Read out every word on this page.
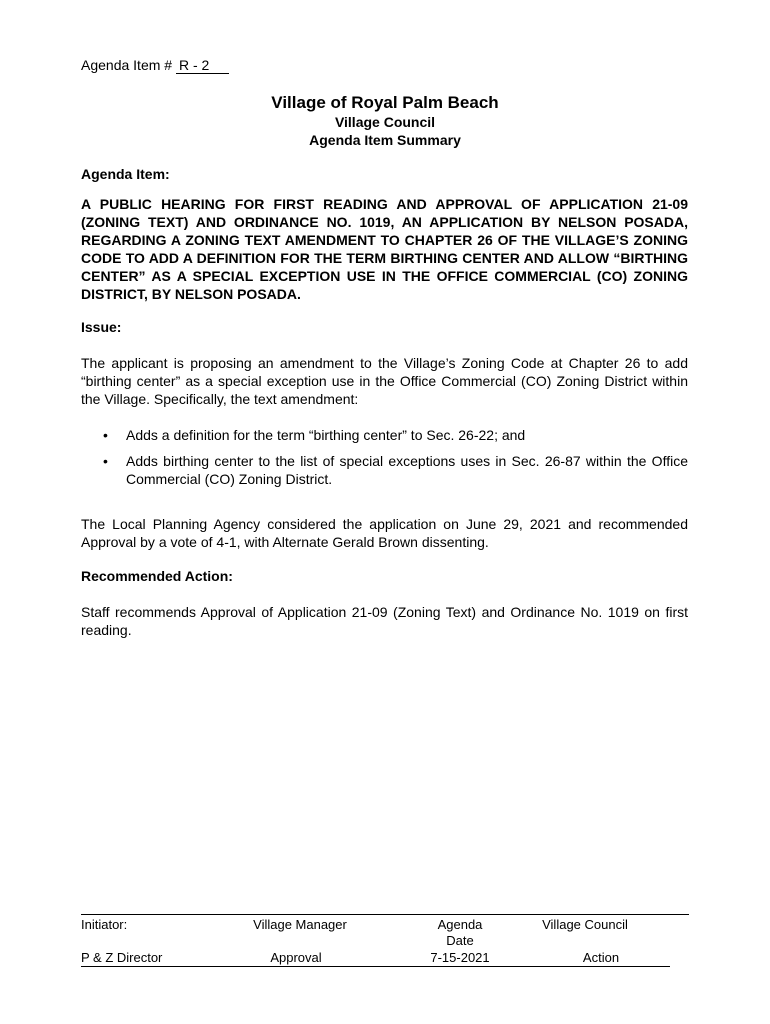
Agenda Item # R - 2
Village of Royal Palm Beach
Village Council
Agenda Item Summary
Agenda Item:
A PUBLIC HEARING FOR FIRST READING AND APPROVAL OF APPLICATION 21-09 (ZONING TEXT) AND ORDINANCE NO. 1019, AN APPLICATION BY NELSON POSADA, REGARDING A ZONING TEXT AMENDMENT TO CHAPTER 26 OF THE VILLAGE’S ZONING CODE TO ADD A DEFINITION FOR THE TERM BIRTHING CENTER AND ALLOW “BIRTHING CENTER” AS A SPECIAL EXCEPTION USE IN THE OFFICE COMMERCIAL (CO) ZONING DISTRICT, BY NELSON POSADA.
Issue:
The applicant is proposing an amendment to the Village’s Zoning Code at Chapter 26 to add “birthing center” as a special exception use in the Office Commercial (CO) Zoning District within the Village. Specifically, the text amendment:
• Adds a definition for the term “birthing center” to Sec. 26-22; and
• Adds birthing center to the list of special exceptions uses in Sec. 26-87 within the Office Commercial (CO) Zoning District.
The Local Planning Agency considered the application on June 29, 2021 and recommended Approval by a vote of 4-1, with Alternate Gerald Brown dissenting.
Recommended Action:
Staff recommends Approval of Application 21-09 (Zoning Text) and Ordinance No. 1019 on first reading.
Initiator:
P & Z Director
Village Manager
Approval
Agenda
Date
7-15-2021
Village Council
Action
